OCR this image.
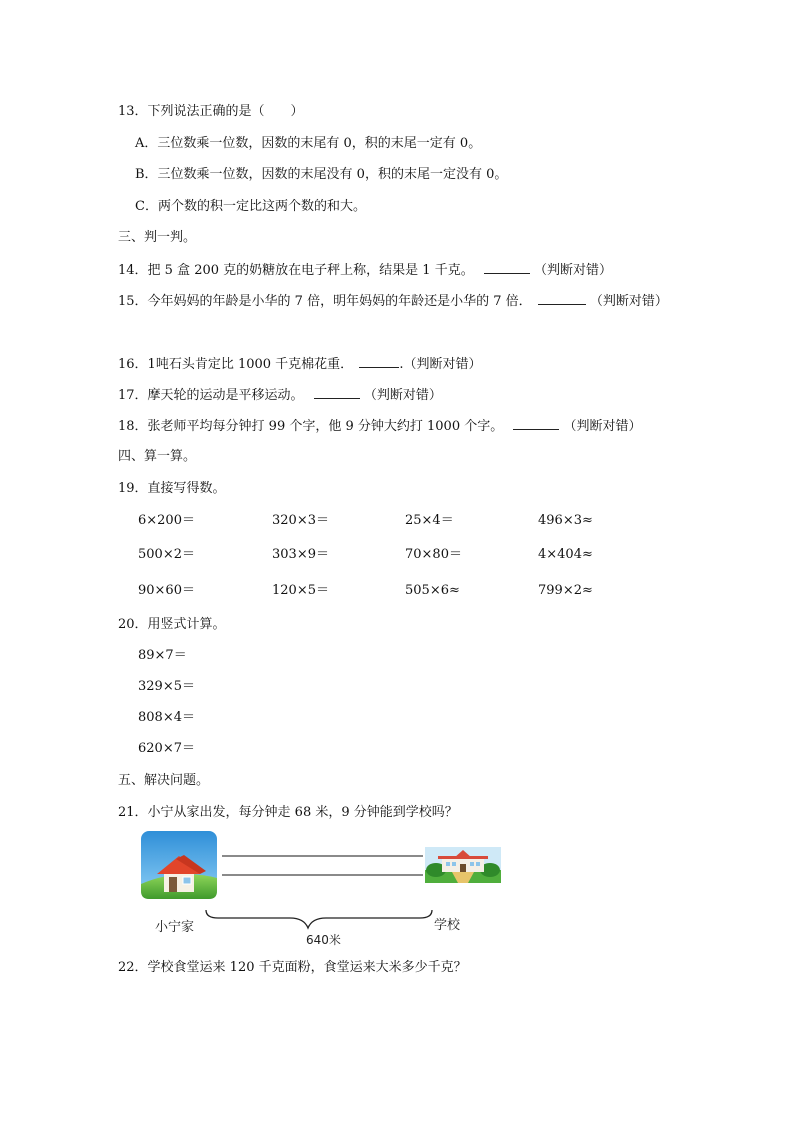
13．下列说法正确的是（　　）
A．三位数乘一位数，因数的末尾有 0，积的末尾一定有 0。
B．三位数乘一位数，因数的末尾没有 0，积的末尾一定没有 0。
C．两个数的积一定比这两个数的和大。
三、判一判。
14．把 5 盒 200 克的奶糖放在电子秤上称，结果是 1 千克。	（判断对错）
15．今年妈妈的年龄是小华的 7 倍，明年妈妈的年龄还是小华的 7 倍．	（判断对错）
16．1吨石头肯定比 1000 千克棉花重．	.（判断对错）
17．摩天轮的运动是平移运动。	（判断对错）
18．张老师平均每分钟打 99 个字，他 9 分钟大约打 1000 个字。	（判断对错）
四、算一算。
19．直接写得数。
6×200＝	320×3＝	25×4＝	496×3≈
500×2＝	303×9＝	70×80＝	4×404≈
90×60＝	120×5＝	505×6≈	799×2≈
20．用竖式计算。
89×7＝
329×5＝
808×4＝
620×7＝
五、解决问题。
21．小宁从家出发，每分钟走 68 米，9 分钟能到学校吗？
小宁家	学校
640米
22．学校食堂运来 120 千克面粉，食堂运来大米多少千克？
